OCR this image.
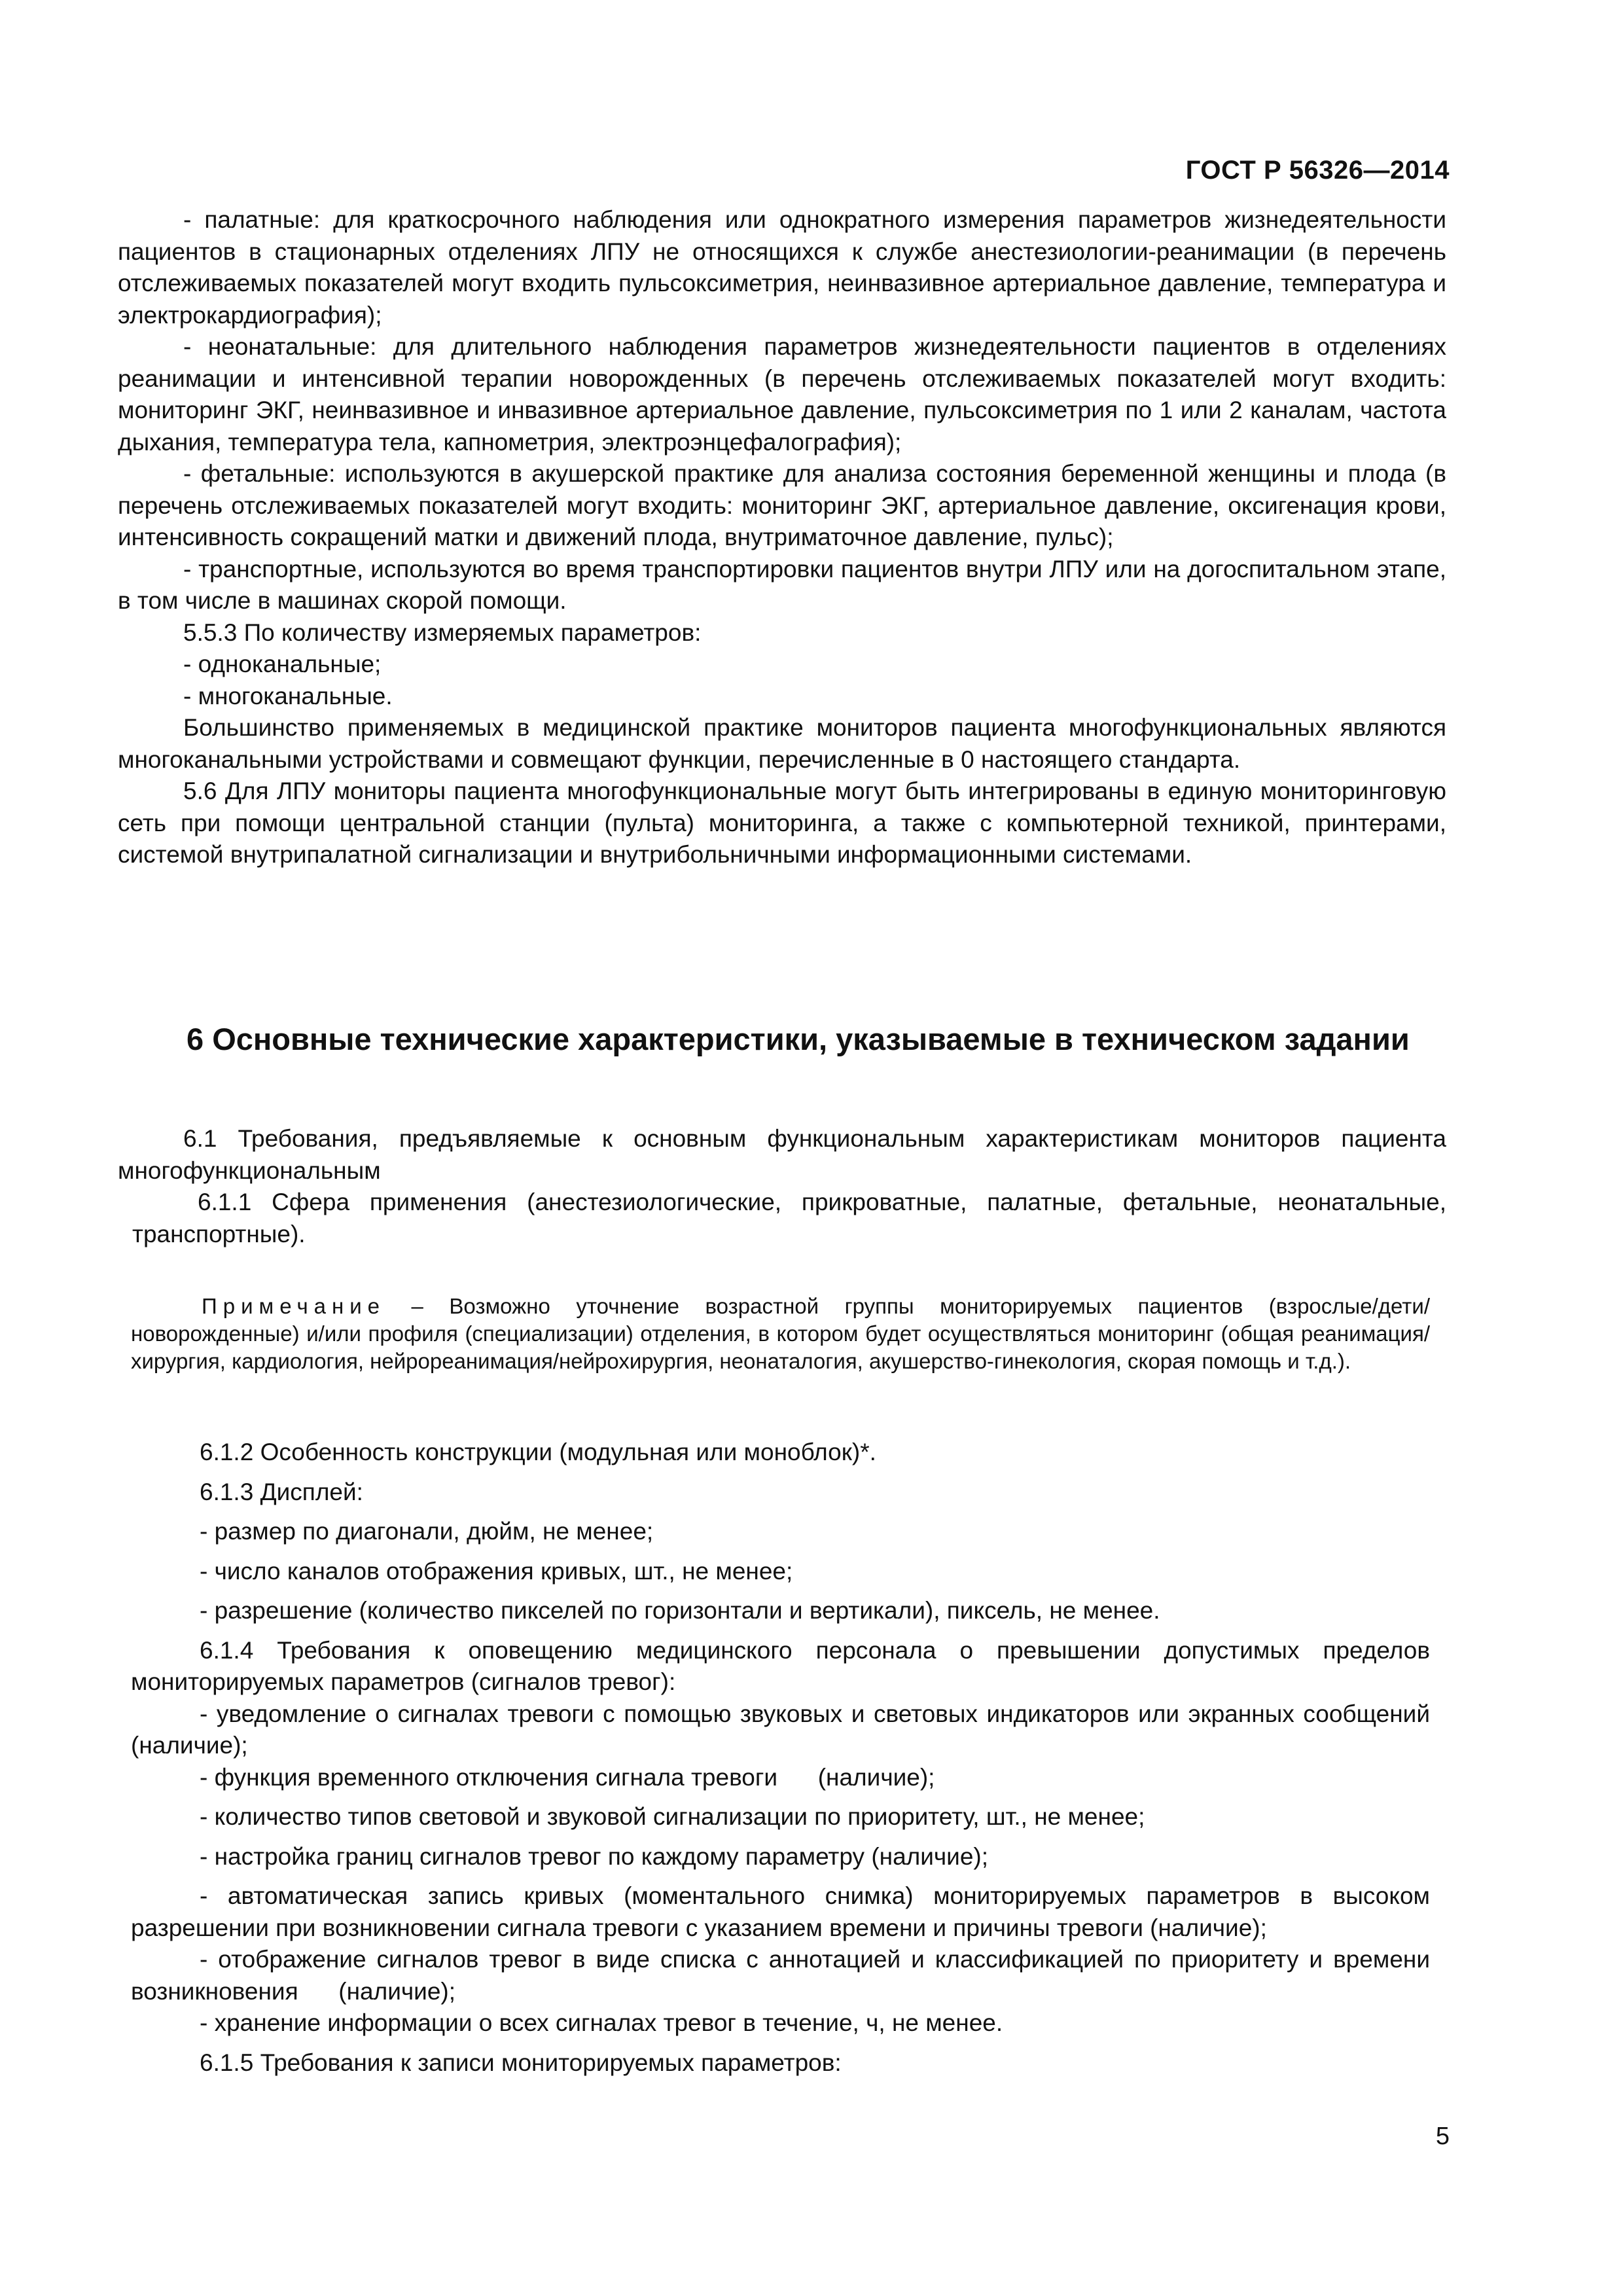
ГОСТ Р 56326—2014

- палатные: для краткосрочного наблюдения или однократного измерения параметров жизнедеятельности пациентов в стационарных отделениях ЛПУ не относящихся к службе анестезиологии-реанимации (в перечень отслеживаемых показателей могут входить пульсоксиметрия, неинвазивное артериальное давление, температура и электрокардиография);

- неонатальные: для длительного наблюдения параметров жизнедеятельности пациентов в отделениях реанимации и интенсивной терапии новорожденных (в перечень отслеживаемых показателей могут входить: мониторинг ЭКГ, неинвазивное и инвазивное артериальное давление, пульсоксиметрия по 1 или 2 каналам, частота дыхания, температура тела, капнометрия, электроэнцефалография);

- фетальные: используются в акушерской практике для анализа состояния беременной женщины и плода (в перечень отслеживаемых показателей могут входить: мониторинг ЭКГ, артериальное давление, оксигенация крови, интенсивность сокращений матки и движений плода, внутриматочное давление, пульс);

- транспортные, используются во время транспортировки пациентов внутри ЛПУ или на догоспитальном этапе, в том числе в машинах скорой помощи.

5.5.3 По количеству измеряемых параметров:

- одноканальные;

- многоканальные.

Большинство применяемых в медицинской практике мониторов пациента многофункциональных являются многоканальными устройствами и совмещают функции, перечисленные в 0 настоящего стандарта.

5.6 Для ЛПУ мониторы пациента многофункциональные могут быть интегрированы в единую мониторинговую сеть при помощи центральной станции (пульта) мониторинга, а также с компьютерной техникой, принтерами, системой внутрипалатной сигнализации и внутрибольничными информационными системами.

6 Основные технические характеристики, указываемые в техническом задании

6.1 Требования, предъявляемые к основным функциональным характеристикам мониторов пациента многофункциональным

6.1.1 Сфера применения (анестезиологические, прикроватные, палатные, фетальные, неонатальные, транспортные).

Примечание – Возможно уточнение возрастной группы мониторируемых пациентов (взрослые/дети/новорожденные) и/или профиля (специализации) отделения, в котором будет осуществляться мониторинг (общая реанимация/хирургия, кардиология, нейрореанимация/нейрохирургия, неонаталогия, акушерство-гинекология, скорая помощь и т.д.).

6.1.2 Особенность конструкции (модульная или моноблок)*.

6.1.3 Дисплей:

- размер по диагонали, дюйм, не менее;

- число каналов отображения кривых, шт., не менее;

- разрешение (количество пикселей по горизонтали и вертикали), пиксель, не менее.

6.1.4 Требования к оповещению медицинского персонала о превышении допустимых пределов мониторируемых параметров (сигналов тревог):

- уведомление о сигналах тревоги с помощью звуковых и световых индикаторов или экранных сообщений (наличие);

- функция временного отключения сигнала тревоги      (наличие);

- количество типов световой и звуковой сигнализации по приоритету, шт., не менее;

- настройка границ сигналов тревог по каждому параметру (наличие);

- автоматическая запись кривых (моментального снимка) мониторируемых параметров в высоком разрешении при возникновении сигнала тревоги с указанием времени и причины тревоги (наличие);

- отображение сигналов тревог в виде списка с аннотацией и классификацией по приоритету и времени возникновения      (наличие);

- хранение информации о всех сигналах тревог в течение, ч, не менее.

6.1.5 Требования к записи мониторируемых параметров:

5
